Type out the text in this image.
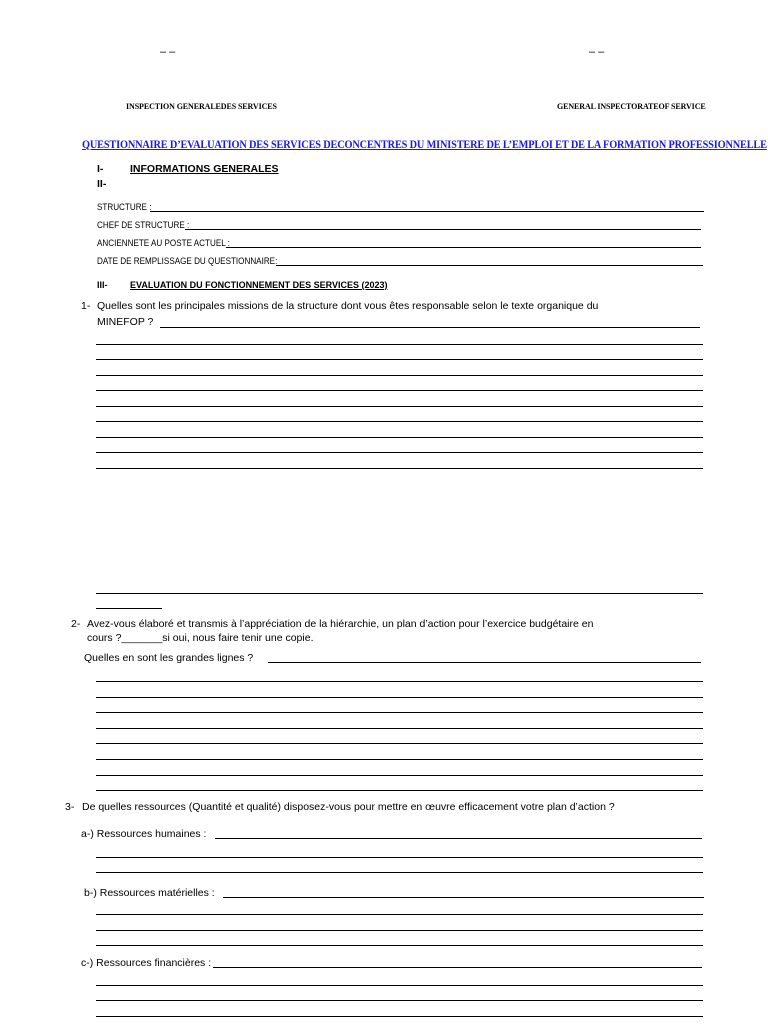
– –	– –
INSPECTION GENERALEDES SERVICES	GENERAL INSPECTORATEOF SERVICE
QUESTIONNAIRE D’EVALUATION DES SERVICES DECONCENTRES DU MINISTERE DE L’EMPLOI ET DE LA FORMATION PROFESSIONNELLE
I-	INFORMATIONS GENERALES
II-
STRUCTURE :
CHEF DE STRUCTURE :
ANCIENNETE AU POSTE ACTUEL :
DATE DE REMPLISSAGE DU QUESTIONNAIRE:
III-	EVALUATION DU FONCTIONNEMENT DES SERVICES (2023)
1- Quelles sont les principales missions de la structure dont vous êtes responsable selon le texte organique du
MINEFOP ?
2- Avez-vous élaboré et transmis à l’appréciation de la hiérarchie, un plan d’action pour l’exercice budgétaire en
cours ?_______si oui, nous faire tenir une copie.
Quelles en sont les grandes lignes ?
3- De quelles ressources (Quantité et qualité) disposez-vous pour mettre en œuvre efficacement votre plan d’action ?
a-) Ressources humaines :
b-) Ressources matérielles :
c-) Ressources financières :
